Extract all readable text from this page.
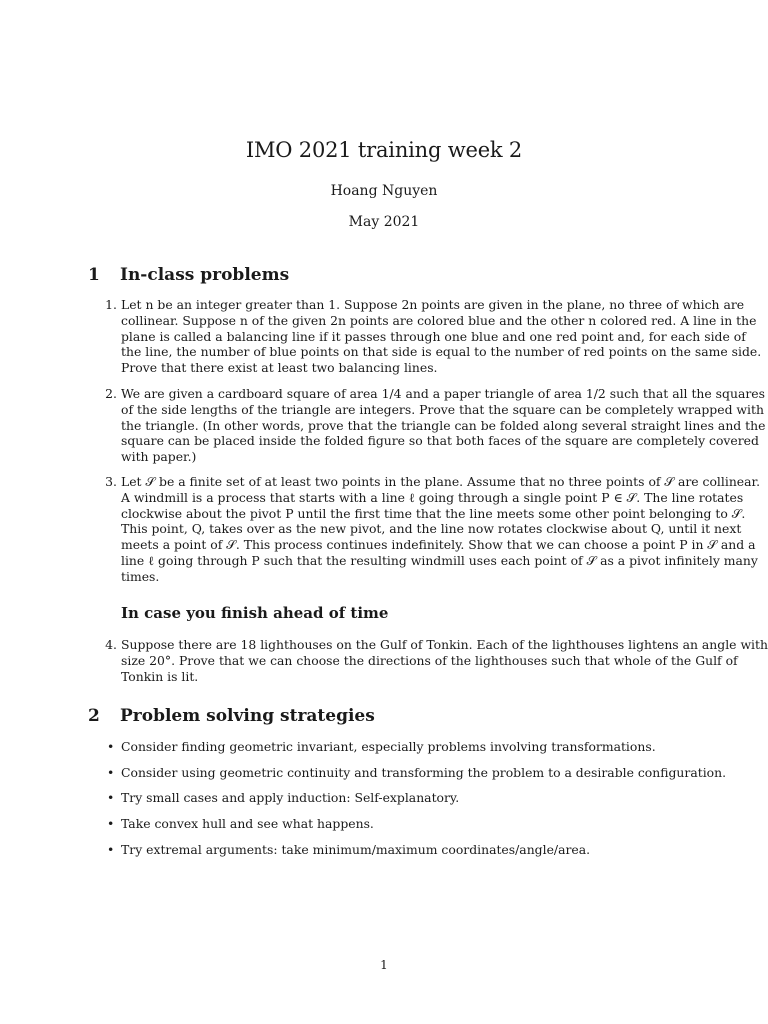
IMO 2021 training week 2
Hoang Nguyen
May 2021
1 In-class problems
1. Let n be an integer greater than 1. Suppose 2n points are given in the plane, no three of which are
collinear. Suppose n of the given 2n points are colored blue and the other n colored red. A line in the
plane is called a balancing line if it passes through one blue and one red point and, for each side of
the line, the number of blue points on that side is equal to the number of red points on the same side.
Prove that there exist at least two balancing lines.
2. We are given a cardboard square of area 1/4 and a paper triangle of area 1/2 such that all the squares
of the side lengths of the triangle are integers. Prove that the square can be completely wrapped with
the triangle. (In other words, prove that the triangle can be folded along several straight lines and the
square can be placed inside the folded figure so that both faces of the square are completely covered
with paper.)
3. Let 𝒮 be a finite set of at least two points in the plane. Assume that no three points of 𝒮 are collinear.
A windmill is a process that starts with a line ℓ going through a single point P ∈ 𝒮. The line rotates
clockwise about the pivot P until the first time that the line meets some other point belonging to 𝒮.
This point, Q, takes over as the new pivot, and the line now rotates clockwise about Q, until it next
meets a point of 𝒮. This process continues indefinitely. Show that we can choose a point P in 𝒮 and a
line ℓ going through P such that the resulting windmill uses each point of 𝒮 as a pivot infinitely many
times.
In case you finish ahead of time
4. Suppose there are 18 lighthouses on the Gulf of Tonkin. Each of the lighthouses lightens an angle with
size 20°. Prove that we can choose the directions of the lighthouses such that whole of the Gulf of
Tonkin is lit.
2 Problem solving strategies
• Consider finding geometric invariant, especially problems involving transformations.
• Consider using geometric continuity and transforming the problem to a desirable configuration.
• Try small cases and apply induction: Self-explanatory.
• Take convex hull and see what happens.
• Try extremal arguments: take minimum/maximum coordinates/angle/area.
1
